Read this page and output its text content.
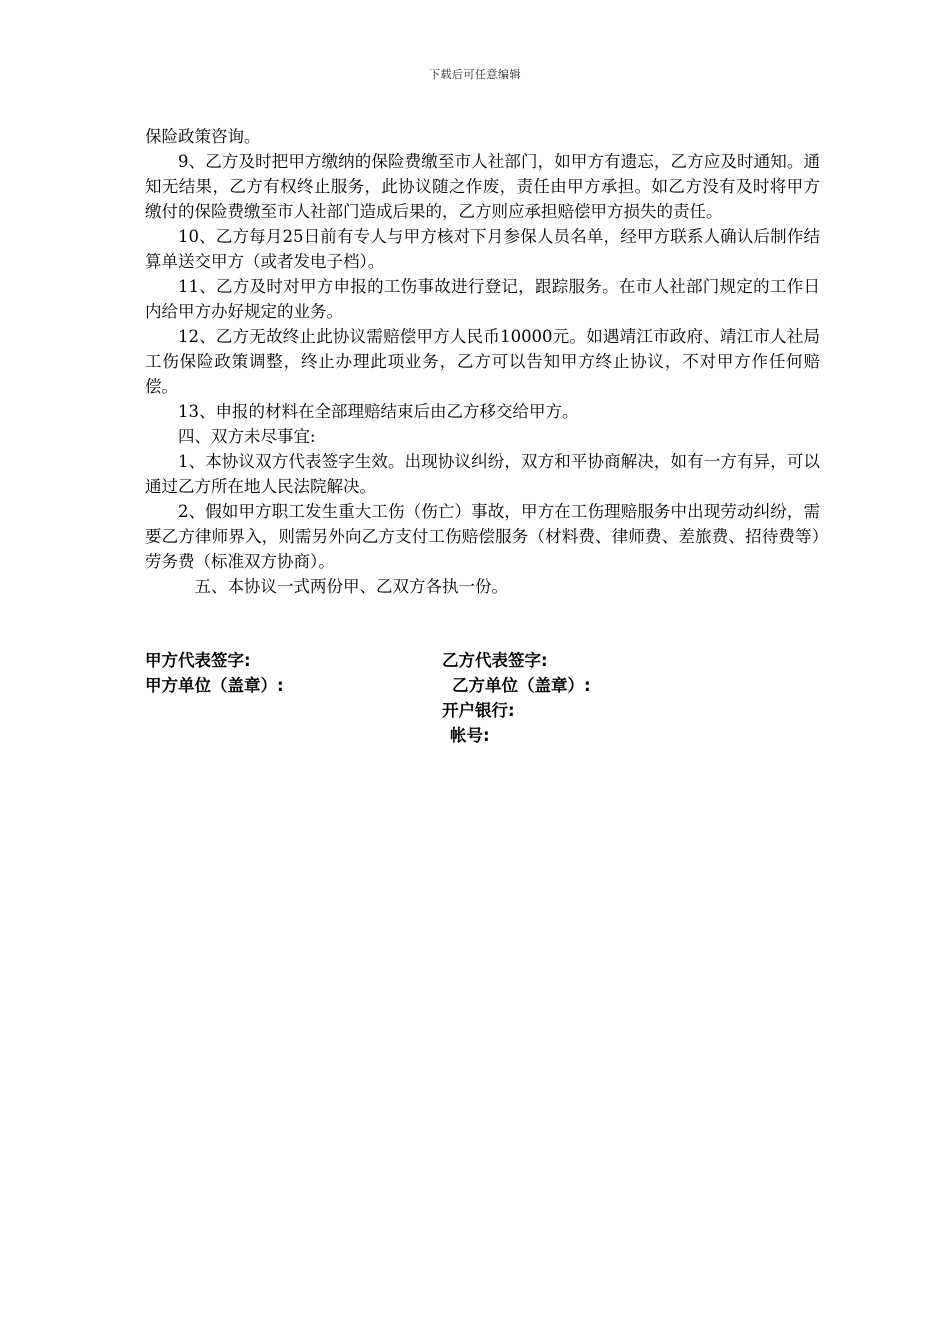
下载后可任意编辑

保险政策咨询。

9、乙方及时把甲方缴纳的保险费缴至市人社部门，如甲方有遗忘，乙方应及时通知。通知无结果，乙方有权终止服务，此协议随之作废，责任由甲方承担。如乙方没有及时将甲方缴付的保险费缴至市人社部门造成后果的，乙方则应承担赔偿甲方损失的责任。

10、乙方每月25日前有专人与甲方核对下月参保人员名单，经甲方联系人确认后制作结算单送交甲方（或者发电子档）。

11、乙方及时对甲方申报的工伤事故进行登记，跟踪服务。在市人社部门规定的工作日内给甲方办好规定的业务。

12、乙方无故终止此协议需赔偿甲方人民币10000元。如遇靖江市政府、靖江市人社局工伤保险政策调整，终止办理此项业务，乙方可以告知甲方终止协议，不对甲方作任何赔偿。

13、申报的材料在全部理赔结束后由乙方移交给甲方。

四、双方未尽事宜:

1、本协议双方代表签字生效。出现协议纠纷，双方和平协商解决，如有一方有异，可以通过乙方所在地人民法院解决。

2、假如甲方职工发生重大工伤（伤亡）事故，甲方在工伤理赔服务中出现劳动纠纷，需要乙方律师界入，则需另外向乙方支付工伤赔偿服务（材料费、律师费、差旅费、招待费等）劳务费（标准双方协商）。

五、本协议一式两份甲、乙双方各执一份。

甲方代表签字:	乙方代表签字:
甲方单位（盖章）:	乙方单位（盖章）:
开户银行:
帐号:
